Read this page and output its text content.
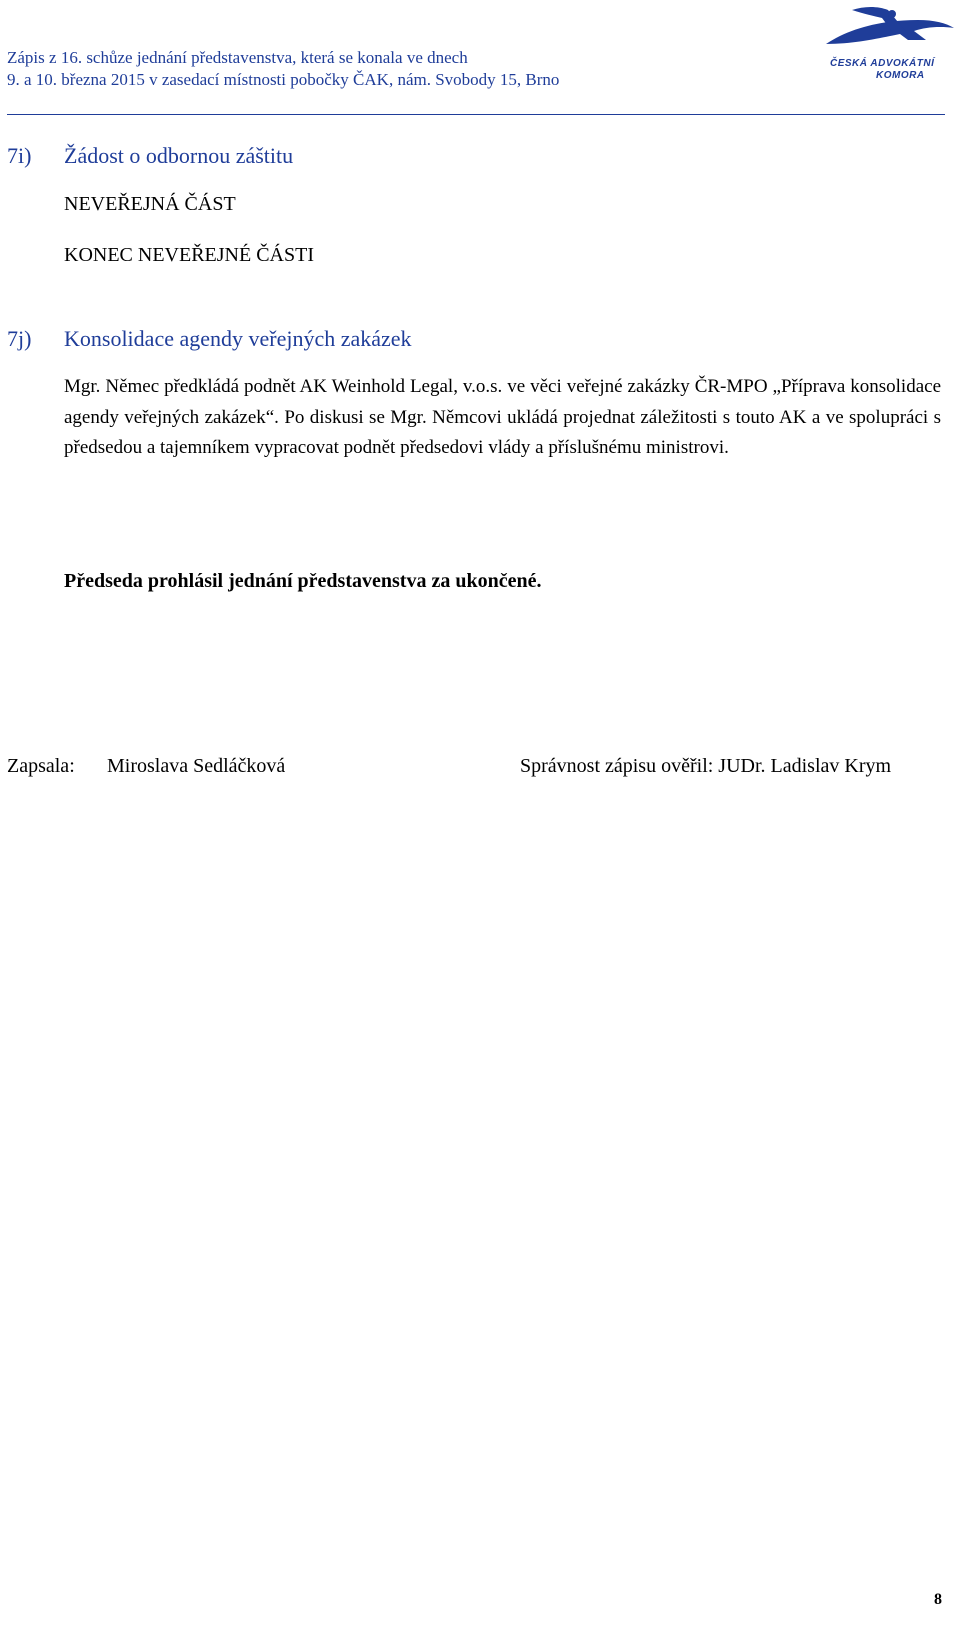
Zápis z 16. schůze jednání představenstva, která se konala ve dnech
9. a 10. března 2015 v zasedací místnosti pobočky ČAK, nám. Svobody 15, Brno
ČESKÁ ADVOKÁTNÍ
KOMORA
7i) Žádost o odbornou záštitu
NEVEŘEJNÁ ČÁST
KONEC NEVEŘEJNÉ ČÁSTI
7j) Konsolidace agendy veřejných zakázek
Mgr. Němec předkládá podnět AK Weinhold Legal, v.o.s. ve věci veřejné zakázky ČR-MPO „Příprava konsolidace agendy veřejných zakázek“. Po diskusi se Mgr. Němcovi ukládá projednat záležitosti s touto AK a ve spolupráci s předsedou a tajemníkem vypracovat podnět předsedovi vlády a příslušnému ministrovi.
Předseda prohlásil jednání představenstva za ukončené.
Zapsala: Miroslava Sedláčková	Správnost zápisu ověřil: JUDr. Ladislav Krym
8
